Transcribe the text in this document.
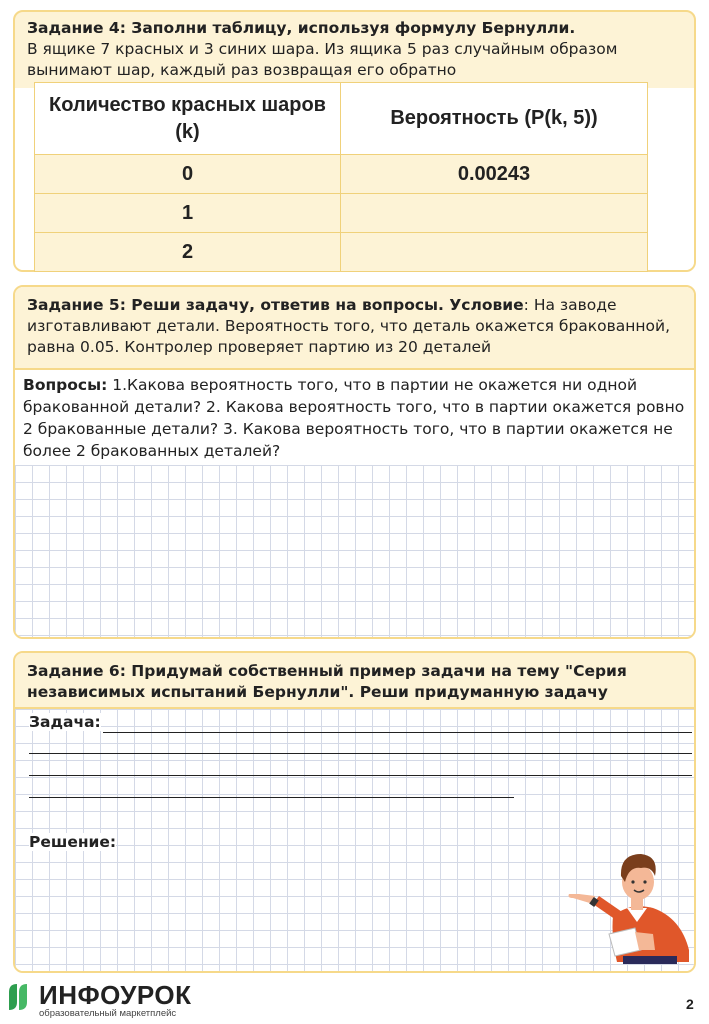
Задание 4: Заполни таблицу, используя формулу Бернулли.
В ящике 7 красных и 3 синих шара. Из ящика 5 раз случайным образом вынимают шар, каждый раз возвращая его обратно
Количество красных шаров (k)	Вероятность (P(k, 5))
0	0.00243
1	
2	
Задание 5: Реши задачу, ответив на вопросы. Условие: На заводе изготавливают детали. Вероятность того, что деталь окажется бракованной, равна 0.05. Контролер проверяет партию из 20 деталей
Вопросы: 1.Какова вероятность того, что в партии не окажется ни одной бракованной детали? 2. Какова вероятность того, что в партии окажется ровно 2 бракованные детали? 3. Какова вероятность того, что в партии окажется не более 2 бракованных деталей?
Задание 6: Придумай собственный пример задачи на тему "Серия независимых испытаний Бернулли". Реши придуманную задачу
Задача:
Решение:
ИНФОУРОК
образовательный маркетплейс
2
